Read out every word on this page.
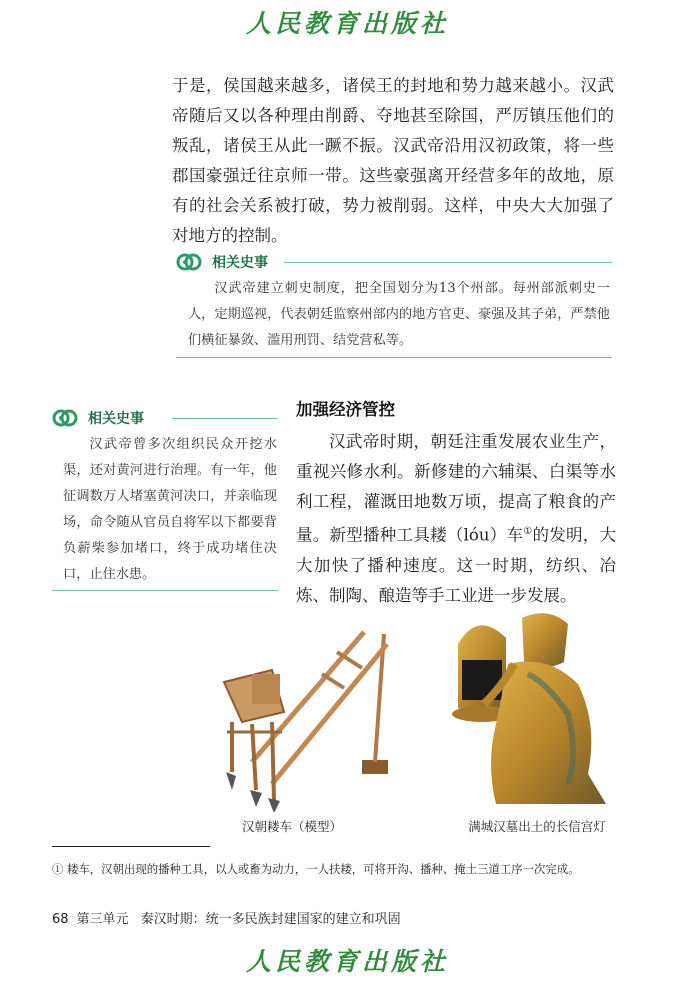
人民教育出版社

于是，侯国越来越多，诸侯王的封地和势力越来越小。汉武帝随后又以各种理由削爵、夺地甚至除国，严厉镇压他们的叛乱，诸侯王从此一蹶不振。汉武帝沿用汉初政策，将一些郡国豪强迁往京师一带。这些豪强离开经营多年的故地，原有的社会关系被打破，势力被削弱。这样，中央大大加强了对地方的控制。

相关史事

汉武帝建立刺史制度，把全国划分为13个州部。每州部派刺史一人，定期巡视，代表朝廷监察州部内的地方官吏、豪强及其子弟，严禁他们横征暴敛、滥用刑罚、结党营私等。

相关史事

汉武帝曾多次组织民众开挖水渠，还对黄河进行治理。有一年，他征调数万人堵塞黄河决口，并亲临现场，命令随从官员自将军以下都要背负薪柴参加堵口，终于成功堵住决口，止住水患。

加强经济管控

汉武帝时期，朝廷注重发展农业生产，重视兴修水利。新修建的六辅渠、白渠等水利工程，灌溉田地数万顷，提高了粮食的产量。新型播种工具耧（lóu）车①的发明，大大加快了播种速度。这一时期，纺织、冶炼、制陶、酿造等手工业进一步发展。

汉朝耧车（模型）	满城汉墓出土的长信宫灯

① 耧车，汉朝出现的播种工具，以人或畜为动力，一人扶耧，可将开沟、播种、掩土三道工序一次完成。

68 第三单元 秦汉时期：统一多民族封建国家的建立和巩固

人民教育出版社
